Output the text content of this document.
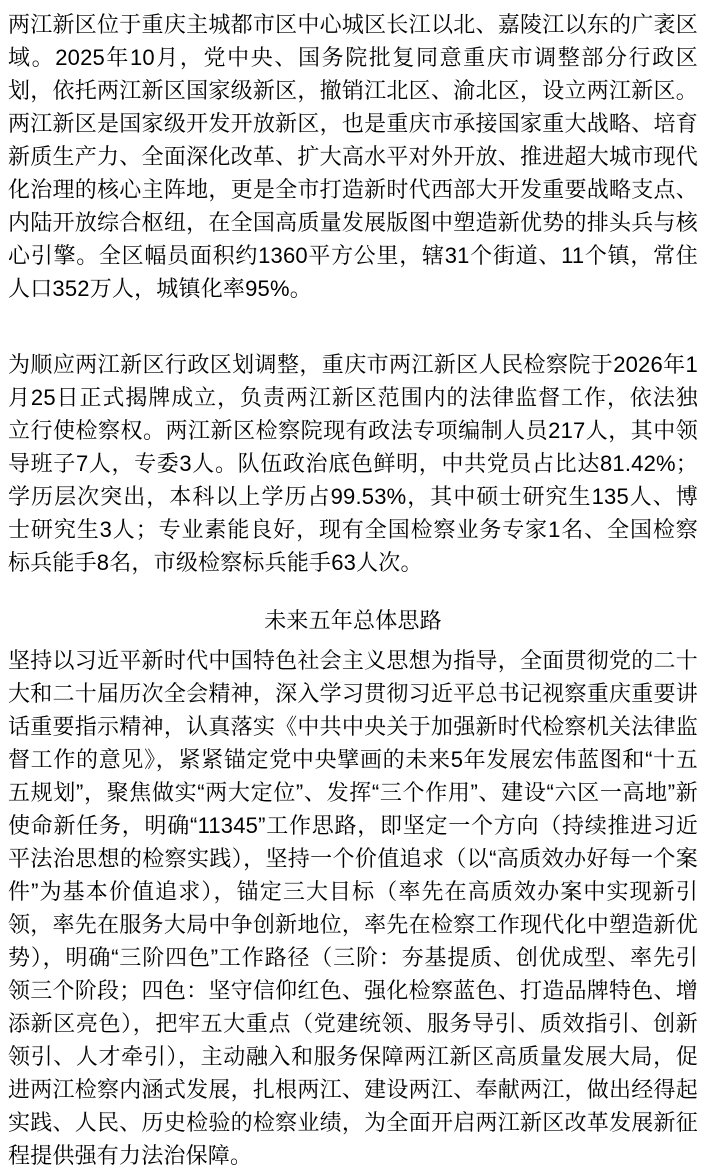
两江新区位于重庆主城都市区中心城区长江以北、嘉陵江以东的广袤区域。2025年10月，党中央、国务院批复同意重庆市调整部分行政区划，依托两江新区国家级新区，撤销江北区、渝北区，设立两江新区。两江新区是国家级开发开放新区，也是重庆市承接国家重大战略、培育新质生产力、全面深化改革、扩大高水平对外开放、推进超大城市现代化治理的核心主阵地，更是全市打造新时代西部大开发重要战略支点、内陆开放综合枢纽，在全国高质量发展版图中塑造新优势的排头兵与核心引擎。全区幅员面积约1360平方公里，辖31个街道、11个镇，常住人口352万人，城镇化率95%。

为顺应两江新区行政区划调整，重庆市两江新区人民检察院于2026年1月25日正式揭牌成立，负责两江新区范围内的法律监督工作，依法独立行使检察权。两江新区检察院现有政法专项编制人员217人，其中领导班子7人，专委3人。队伍政治底色鲜明，中共党员占比达81.42%；学历层次突出，本科以上学历占99.53%，其中硕士研究生135人、博士研究生3人；专业素能良好，现有全国检察业务专家1名、全国检察标兵能手8名，市级检察标兵能手63人次。

未来五年总体思路

坚持以习近平新时代中国特色社会主义思想为指导，全面贯彻党的二十大和二十届历次全会精神，深入学习贯彻习近平总书记视察重庆重要讲话重要指示精神，认真落实《中共中央关于加强新时代检察机关法律监督工作的意见》，紧紧锚定党中央擘画的未来5年发展宏伟蓝图和“十五五规划”，聚焦做实“两大定位”、发挥“三个作用”、建设“六区一高地”新使命新任务，明确“11345”工作思路，即坚定一个方向（持续推进习近平法治思想的检察实践），坚持一个价值追求（以“高质效办好每一个案件”为基本价值追求），锚定三大目标（率先在高质效办案中实现新引领，率先在服务大局中争创新地位，率先在检察工作现代化中塑造新优势），明确“三阶四色”工作路径（三阶：夯基提质、创优成型、率先引领三个阶段；四色：坚守信仰红色、强化检察蓝色、打造品牌特色、增添新区亮色），把牢五大重点（党建统领、服务导引、质效指引、创新领引、人才牵引），主动融入和服务保障两江新区高质量发展大局，促进两江检察内涵式发展，扎根两江、建设两江、奉献两江，做出经得起实践、人民、历史检验的检察业绩，为全面开启两江新区改革发展新征程提供强有力法治保障。
